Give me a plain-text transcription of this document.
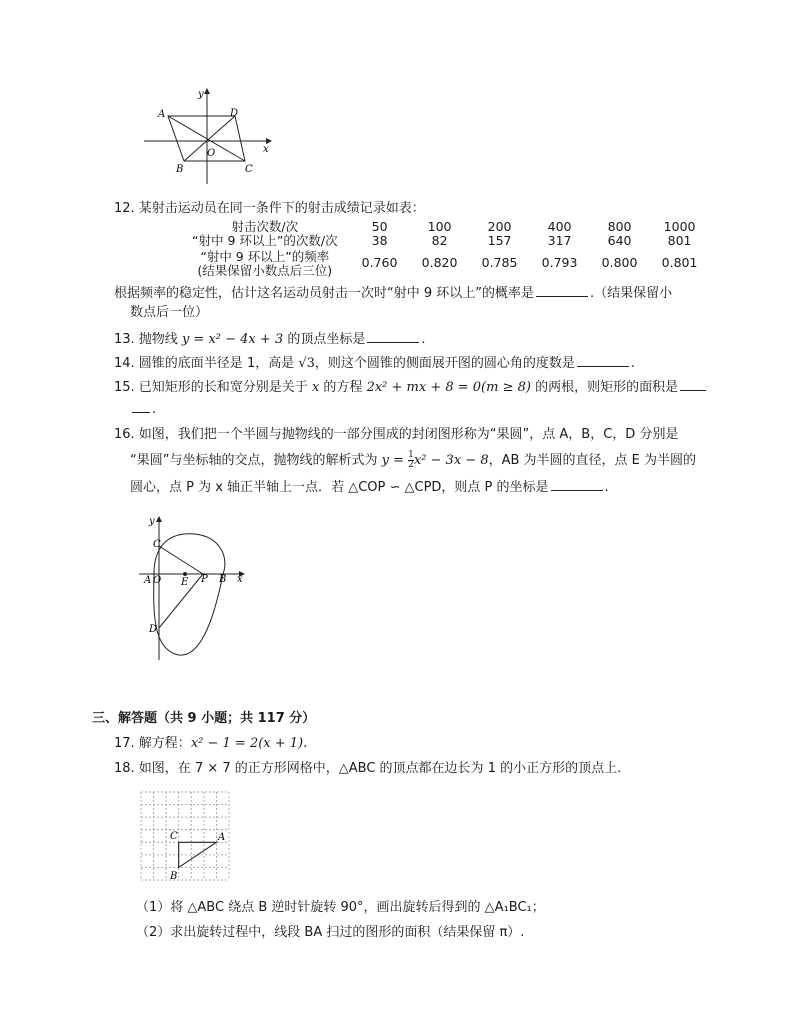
y
x
A	D
O
B	C
12. 某射击运动员在同一条件下的射击成绩记录如表：
射击次数/次	50	100	200	400	800	1000
“射中 9 环以上”的次数/次	38	82	157	317	640	801

“射中 9 环以上”的频率
(结果保留小数点后三位)	0.760	0.820	0.785	0.793	0.800	0.801
根据频率的稳定性，估计这名运动员射击一次时“射中 9 环以上”的概率是	.（结果保留小
数点后一位）
13. 抛物线 y = x² − 4x + 3 的顶点坐标是	.
14. 圆锥的底面半径是 1，高是 √3，则这个圆锥的侧面展开图的圆心角的度数是	.
15. 已知矩形的长和宽分别是关于 x 的方程 2x² + mx + 8 = 0(m ≥ 8) 的两根，则矩形的面积是
.
16. 如图，我们把一个半圆与抛物线的一部分围成的封闭图形称为“果圆”，点 A，B，C，D 分别是
“果圆”与坐标轴的交点，抛物线的解析式为 $y = \frac{1}{2} x^2 - 3x - 8$，AB 为半圆的直径，点 E 为半圆的
圆心，点 P 为 x 轴正半轴上一点．若 △COP ∽ △CPD，则点 P 的坐标是	.
y
x
C
A O E P B
D
三、解答题（共 9 小题；共 117 分）
17. 解方程：x² − 1 = 2(x + 1).
18. 如图，在 7 × 7 的正方形网格中，△ABC 的顶点都在边长为 1 的小正方形的顶点上．
C	A
B
（1）将 △ABC 绕点 B 逆时针旋转 90°，画出旋转后得到的 △A₁BC₁；
（2）求出旋转过程中，线段 BA 扫过的图形的面积（结果保留 π）.
